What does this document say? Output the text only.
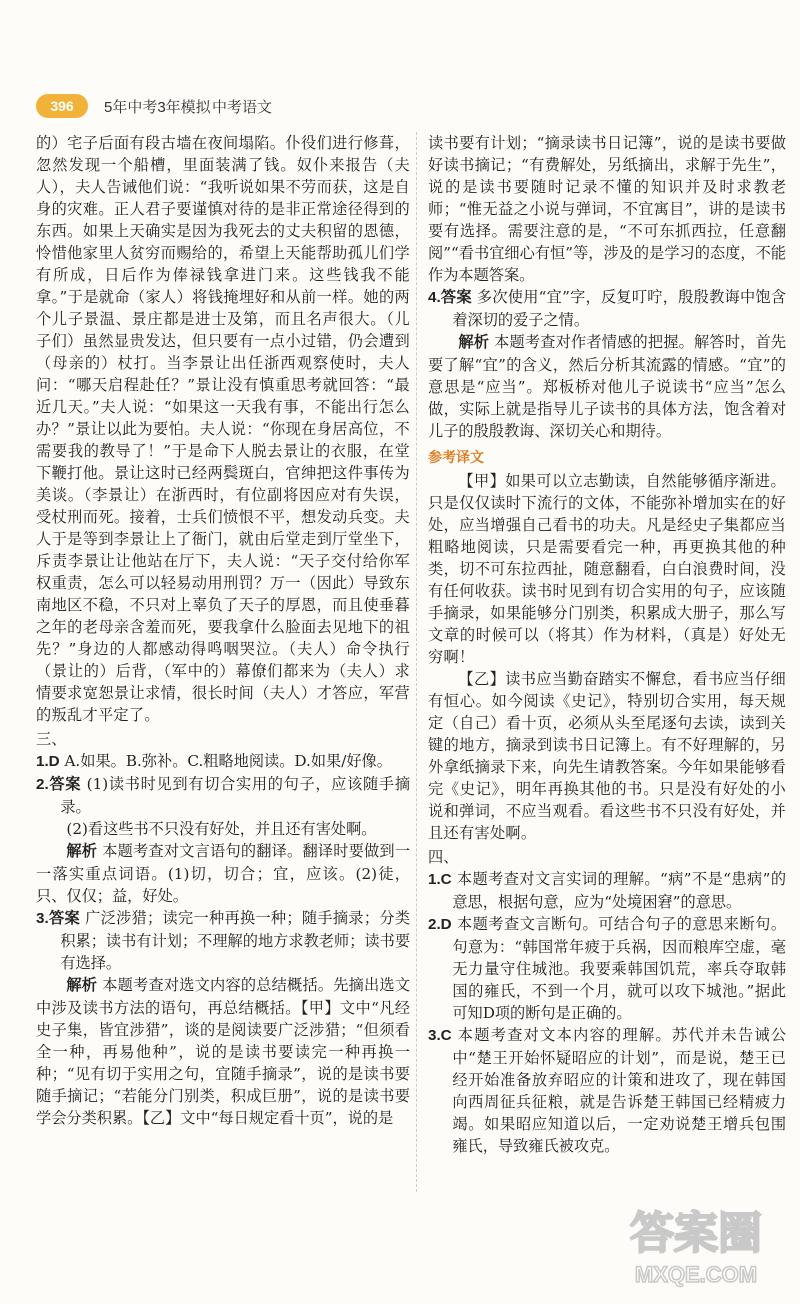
396	5年中考3年模拟 中考语文

的）宅子后面有段古墙在夜间塌陷。仆役们进行修葺，忽然发现一个船槽，里面装满了钱。奴仆来报告（夫人），夫人告诫他们说：“我听说如果不劳而获，这是自身的灾难。正人君子要谨慎对待的是非正常途径得到的东西。如果上天确实是因为我死去的丈夫积留的恩德，怜惜他家里人贫穷而赐给的，希望上天能帮助孤儿们学有所成，日后作为俸禄钱拿进门来。这些钱我不能拿。”于是就命（家人）将钱掩埋好和从前一样。她的两个儿子景温、景庄都是进士及第，而且名声很大。（儿子们）虽然显贵发达，但只要有一点小过错，仍会遭到（母亲的）杖打。当李景让出任浙西观察使时，夫人问：“哪天启程赴任？”景让没有慎重思考就回答：“最近几天。”夫人说：“如果这一天我有事，不能出行怎么办？”景让以此为要怕。夫人说：“你现在身居高位，不需要我的教导了！”于是命下人脱去景让的衣服，在堂下鞭打他。景让这时已经两鬓斑白，官绅把这件事传为美谈。（李景让）在浙西时，有位副将因应对有失误，受杖刑而死。接着，士兵们愤恨不平，想发动兵变。夫人于是等到李景让上了衙门，就由后堂走到厅堂坐下，斥责李景让让他站在厅下，夫人说：“天子交付给你军权重责，怎么可以轻易动用刑罚？万一（因此）导致东南地区不稳，不只对上辜负了天子的厚恩，而且使垂暮之年的老母亲含羞而死，要我拿什么脸面去见地下的祖先？”身边的人都感动得鸣咽哭泣。（夫人）命令执行（景让的）后背，（军中的）幕僚们都来为（夫人）求情要求宽恕景让求情，很长时间（夫人）才答应，军营的叛乱才平定了。

三、

1.D A.如果。B.弥补。C.粗略地阅读。D.如果/好像。

2.答案 (1)读书时见到有切合实用的句子，应该随手摘录。

(2)看这些书不只没有好处，并且还有害处啊。

解析 本题考查对文言语句的翻译。翻译时要做到一一落实重点词语。(1)切，切合；宜，应该。(2)徒，只、仅仅；益，好处。

3.答案 广泛涉猎；读完一种再换一种；随手摘录；分类积累；读书有计划；不理解的地方求教老师；读书要有选择。

解析 本题考查对选文内容的总结概括。先摘出选文中涉及读书方法的语句，再总结概括。【甲】文中“凡经史子集，皆宜涉猎”，谈的是阅读要广泛涉猎；“但须看全一种，再易他种”，说的是读书要读完一种再换一种；“见有切于实用之句，宜随手摘录”，说的是读书要随手摘记；“若能分门别类，积成巨册”，说的是读书要学会分类积累。【乙】文中“每日规定看十页”，说的是

读书要有计划；“摘录读书日记簿”，说的是读书要做好读书摘记；“有费解处，另纸摘出，求解于先生”，说的是读书要随时记录不懂的知识并及时求教老师；“惟无益之小说与弹词，不宜寓目”，讲的是读书要有选择。需要注意的是，“不可东抓西拉，任意翻阅”“看书宜细心有恒”等，涉及的是学习的态度，不能作为本题答案。

4.答案 多次使用“宜”字，反复叮咛，殷殷教诲中饱含着深切的爱子之情。

解析 本题考查对作者情感的把握。解答时，首先要了解“宜”的含义，然后分析其流露的情感。“宜”的意思是“应当”。郑板桥对他儿子说读书“应当”怎么做，实际上就是指导儿子读书的具体方法，饱含着对儿子的殷殷教诲、深切关心和期待。

参考译文

【甲】如果可以立志勤读，自然能够循序渐进。只是仅仅读时下流行的文体，不能弥补增加实在的好处，应当增强自己看书的功夫。凡是经史子集都应当粗略地阅读，只是需要看完一种，再更换其他的种类，切不可东拉西扯，随意翻看，白白浪费时间，没有任何收获。读书时见到有切合实用的句子，应该随手摘录，如果能够分门别类，积累成大册子，那么写文章的时候可以（将其）作为材料，（真是）好处无穷啊！

【乙】读书应当勤奋踏实不懈怠，看书应当仔细有恒心。如今阅读《史记》，特别切合实用，每天规定（自己）看十页，必须从头至尾逐句去读，读到关键的地方，摘录到读书日记簿上。有不好理解的，另外拿纸摘录下来，向先生请教答案。今年如果能够看完《史记》，明年再换其他的书。只是没有好处的小说和弹词，不应当观看。看这些书不只没有好处，并且还有害处啊。

四、

1.C 本题考查对文言实词的理解。“病”不是“患病”的意思，根据句意，应为“处境困窘”的意思。

2.D 本题考查文言断句。可结合句子的意思来断句。句意为：“韩国常年疲于兵祸，因而粮库空虚，毫无力量守住城池。我要乘韩国饥荒，率兵夺取韩国的雍氏，不到一个月，就可以攻下城池。”据此可知D项的断句是正确的。

3.C 本题考查对文本内容的理解。苏代并未告诫公中“楚王开始怀疑昭应的计划”，而是说，楚王已经开始准备放弃昭应的计策和进攻了，现在韩国向西周征兵征粮，就是告诉楚王韩国已经精疲力竭。如果昭应知道以后，一定劝说楚王增兵包围雍氏，导致雍氏被攻克。

答案圈
MXQE.COM
